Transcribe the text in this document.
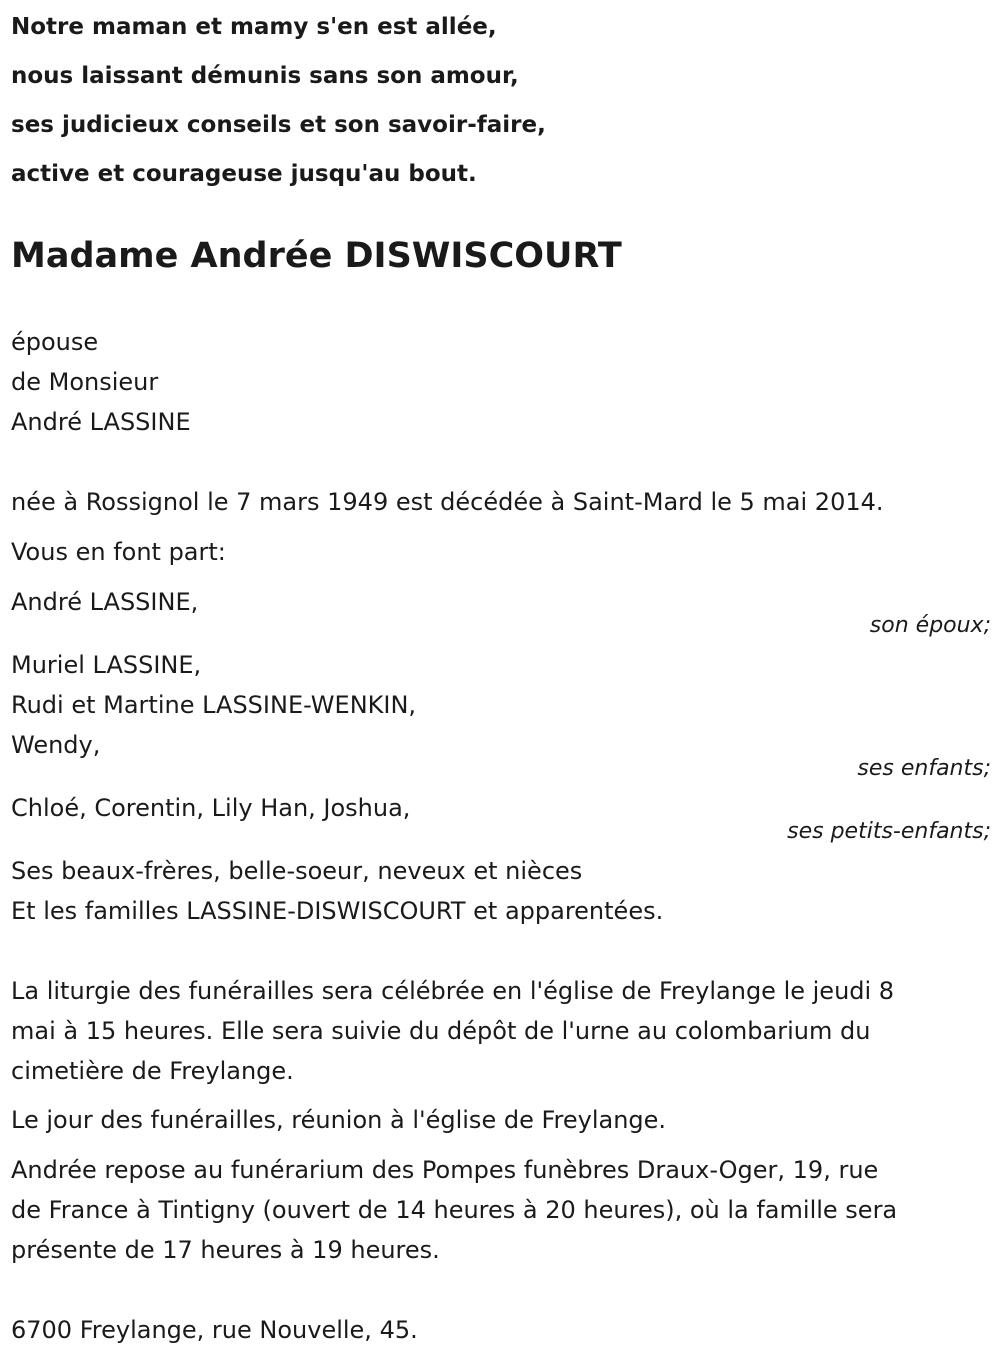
Notre maman et mamy s'en est allée,
nous laissant démunis sans son amour,
ses judicieux conseils et son savoir-faire,
active et courageuse jusqu'au bout.
Madame Andrée DISWISCOURT
épouse
de Monsieur
André LASSINE
née à Rossignol le 7 mars 1949 est décédée à Saint-Mard le 5 mai 2014.
Vous en font part:
André LASSINE,
son époux;
Muriel LASSINE,
Rudi et Martine LASSINE-WENKIN,
Wendy,
ses enfants;
Chloé, Corentin, Lily Han, Joshua,
ses petits-enfants;
Ses beaux-frères, belle-soeur, neveux et nièces
Et les familles LASSINE-DISWISCOURT et apparentées.
La liturgie des funérailles sera célébrée en l'église de Freylange le jeudi 8
mai à 15 heures. Elle sera suivie du dépôt de l'urne au colombarium du
cimetière de Freylange.
Le jour des funérailles, réunion à l'église de Freylange.
Andrée repose au funérarium des Pompes funèbres Draux-Oger, 19, rue
de France à Tintigny (ouvert de 14 heures à 20 heures), où la famille sera
présente de 17 heures à 19 heures.
6700 Freylange, rue Nouvelle, 45.
